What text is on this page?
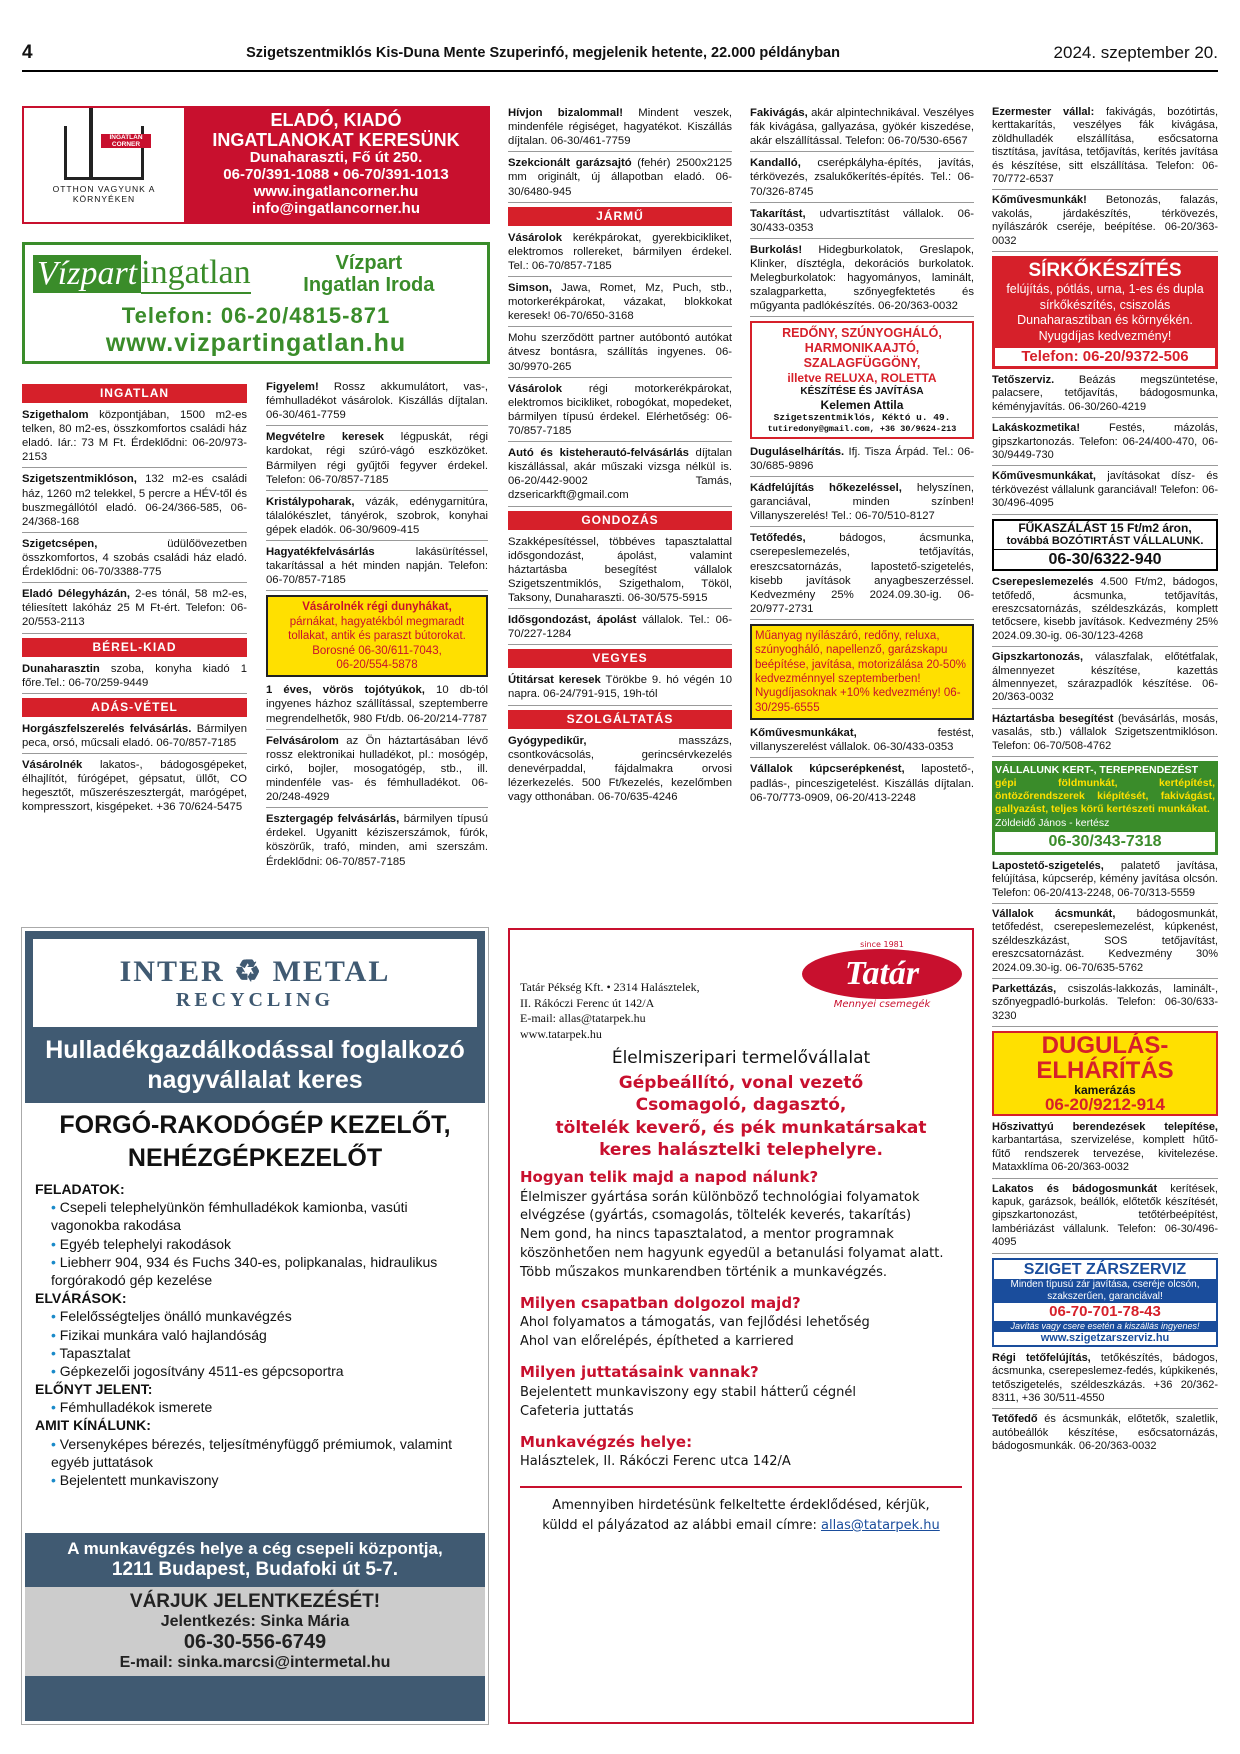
4	Szigetszentmiklós Kis-Duna Mente Szuperinfó, megjelenik hetente, 22.000 példányban	2024. szeptember 20.
INGATLAN CORNER
OTTHON VAGYUNK A KÖRNYÉKEN
ELADÓ, KIADÓ
INGATLANOKAT KERESÜNK
Dunaharaszti, Fő út 250.
06-70/391-1088 • 06-70/391-1013
www.ingatlancorner.hu
info@ingatlancorner.hu
Vízpart ingatlan	Vízpart
Ingatlan Iroda
Telefon: 06-20/4815-871
www.vizpartingatlan.hu
INGATLAN

Szigethalom központjában, 1500 m2-es telken, 80 m2-es, összkomfortos családi ház eladó. Iár.: 73 M Ft. Érdeklődni: 06-20/973-2153

Szigetszentmiklóson, 132 m2-es családi ház, 1260 m2 telekkel, 5 percre a HÉV-től és buszmegállótól eladó. 06-24/366-585, 06-24/368-168

Szigetcsépen, üdülőövezetben összkomfortos, 4 szobás családi ház eladó. Érdeklődni: 06-70/3388-775

Eladó Délegyházán, 2-es tónál, 58 m2-es, téliesített lakóház 25 M Ft-ért. Telefon: 06-20/553-2113

BÉREL-KIAD

Dunaharasztin szoba, konyha kiadó 1 főre.Tel.: 06-70/259-9449

ADÁS-VÉTEL

Horgászfelszerelés felvásárlás. Bármilyen peca, orsó, műcsali eladó. 06-70/857-7185

Vásárolnék lakatos-, bádogosgépeket, élhajlítót, fúrógépet, gépsatut, üllőt, CO hegesztőt, műszerészesztergát, marógépet, kompresszort, kisgépeket. +36 70/624-5475

Figyelem! Rossz akkumulátort, vas-, fémhulladékot vásárolok. Kiszállás díjtalan. 06-30/461-7759

Megvételre keresek légpuskát, régi kardokat, régi szúró-vágó eszközöket. Bármilyen régi gyűjtői fegyver érdekel. Telefon: 06-70/857-7185

Kristálypoharak, vázák, edénygarnitúra, tálalókészlet, tányérok, szobrok, konyhai gépek eladók. 06-30/9609-415

Hagyatékfelvásárlás lakásürítéssel, takarítással a hét minden napján. Telefon: 06-70/857-7185

Vásárolnék régi dunyhákat,
párnákat, hagyatékból megmaradt tollakat, antik és paraszt bútorokat.
Borosné 06-30/611-7043,
06-20/554-5878

1 éves, vörös tojótyúkok, 10 db-tól ingyenes házhoz szállítással, szeptemberre megrendelhetők, 980 Ft/db. 06-20/214-7787

Felvásárolom az Ön háztartásában lévő rossz elektronikai hulladékot, pl.: mosógép, cirkó, bojler, mosogatógép, stb., ill. mindenféle vas- és fémhulladékot. 06-20/248-4929

Esztergagép felvásárlás, bármilyen típusú érdekel. Ugyanitt kéziszerszámok, fúrók, köszörűk, trafó, minden, ami szerszám. Érdeklődni: 06-70/857-7185

Hívjon bizalommal! Mindent veszek, mindenféle régiséget, hagyatékot. Kiszállás díjtalan. 06-30/461-7759

Szekcionált garázsajtó (fehér) 2500x2125 mm originált, új állapotban eladó. 06-30/6480-945

JÁRMŰ

Vásárolok kerékpárokat, gyerekbicikliket, elektromos rollereket, bármilyen érdekel. Tel.: 06-70/857-7185

Simson, Jawa, Romet, Mz, Puch, stb., motorkerékpárokat, vázakat, blokkokat keresek! 06-70/650-3168

Mohu szerződött partner autóbontó autókat átvesz bontásra, szállítás ingyenes. 06-30/9970-265

Vásárolok régi motorkerékpárokat, elektromos bicikliket, robogókat, mopedeket, bármilyen típusú érdekel. Elérhetőség: 06-70/857-7185

Autó és kisteherautó-felvásárlás díjtalan kiszállással, akár műszaki vizsga nélkül is. 06-20/442-9002 Tamás, dzsericarkft@gmail.com

GONDOZÁS

Szakképesítéssel, többéves tapasztalattal idősgondozást, ápolást, valamint háztartásba besegítést vállalok Szigetszentmiklós, Szigethalom, Tököl, Taksony, Dunaharaszti. 06-30/575-5915

Idősgondozást, ápolást vállalok. Tel.: 06-70/227-1284

VEGYES

Útitársat keresek Törökbe 9. hó végén 10 napra. 06-24/791-915, 19h-tól

SZOLGÁLTATÁS

Gyógypedikűr, masszázs, csontkovácsolás, gerincsérvkezelés denevérpaddal, fájdalmakra orvosi lézerkezelés. 500 Ft/kezelés, kezelőmben vagy otthonában. 06-70/635-4246

Fakivágás, akár alpintechnikával. Veszélyes fák kivágása, gallyazása, gyökér kiszedése, akár elszállítással. Telefon: 06-70/530-6567

Kandalló, cserépkályha-építés, javítás, térkövezés, zsalukőkerítés-építés. Tel.: 06-70/326-8745

Takarítást, udvartisztítást vállalok. 06-30/433-0353

Burkolás! Hidegburkolatok, Greslapok, Klinker, dísztégla, dekorációs burkolatok. Melegburkolatok: hagyományos, laminált, szalagparketta, szőnyegfektetés és műgyanta padlókészítés. 06-20/363-0032

REDŐNY, SZÚNYOGHÁLÓ,
HARMONIKAAJTÓ,
SZALAGFÜGGÖNY,
illetve RELUXA, ROLETTA
KÉSZÍTÉSE ÉS JAVÍTÁSA
Kelemen Attila
Szigetszentmiklós, Kéktó u. 49.
tutiredony@gmail.com, +36 30/9624-213

Duguláselhárítás. Ifj. Tisza Árpád. Tel.: 06-30/685-9896

Kádfelújítás hőkezeléssel, helyszínen, garanciával, minden színben! Villanyszerelés! Tel.: 06-70/510-8127

Tetőfedés, bádogos, ácsmunka, cserepeslemezelés, tetőjavítás, ereszcsatornázás, lapostető-szigetelés, kisebb javítások anyagbeszerzéssel. Kedvezmény 25% 2024.09.30-ig. 06-20/977-2731

Műanyag nyílászáró, redőny, reluxa, szúnyogháló, napellenző, garázskapu beépítése, javítása, motorizálása 20-50% kedvezménnyel szeptemberben! Nyugdíjasoknak +10% kedvezmény! 06-30/295-6555

Kőművesmunkákat, festést, villanyszerelést vállalok. 06-30/433-0353

Vállalok kúpcserépkenést, lapostető-, padlás-, pinceszigetelést. Kiszállás díjtalan. 06-70/773-0909, 06-20/413-2248

Ezermester vállal: fakivágás, bozótirtás, kerttakarítás, veszélyes fák kivágása, zöldhulladék elszállítása, esőcsatorna tisztítása, javítása, tetőjavítás, kerítés javítása és készítése, sitt elszállítása. Telefon: 06-70/772-6537

Kőművesmunkák! Betonozás, falazás, vakolás, járdakészítés, térkövezés, nyílászárók cseréje, beépítése. 06-20/363-0032

SÍRKŐKÉSZÍTÉS
felújítás, pótlás, urna, 1-es és dupla sírkőkészítés, csiszolás Dunaharasztiban és környékén. Nyugdíjas kedvezmény!
Telefon: 06-20/9372-506

Tetőszerviz. Beázás megszüntetése, palacsere, tetőjavítás, bádogosmunka, kéményjavítás. 06-30/260-4219

Lakáskozmetika! Festés, mázolás, gipszkartonozás. Telefon: 06-24/400-470, 06-30/9449-730

Kőművesmunkákat, javításokat dísz- és térkövezést vállalunk garanciával! Telefon: 06-30/496-4095

FŰKASZÁLÁST 15 Ft/m2 áron,
továbbá BOZÓTIRTÁST VÁLLALUNK.
06-30/6322-940

Cserepeslemezelés 4.500 Ft/m2, bádogos, tetőfedő, ácsmunka, tetőjavítás, ereszcsatornázás, széldeszkázás, komplett tetőcsere, kisebb javítások. Kedvezmény 25% 2024.09.30-ig. 06-30/123-4268

Gipszkartonozás, válaszfalak, előtétfalak, álmennyezet készítése, kazettás álmennyezet, szárazpadlók készítése. 06-20/363-0032

Háztartásba besegítést (bevásárlás, mosás, vasalás, stb.) vállalok Szigetszentmiklóson. Telefon: 06-70/508-4762

VÁLLALUNK KERT-, TEREPRENDEZÉST
gépi földmunkát, kertépítést, öntözőrendszerek kiépítését, fakivágást, gallyazást, teljes körű kertészeti munkákat.
Zöldeidő János - kertész
06-30/343-7318

Lapostető-szigetelés, palatető javítása, felújítása, kúpcserép, kémény javítása olcsón. Telefon: 06-20/413-2248, 06-70/313-5559

Vállalok ácsmunkát, bádogosmunkát, tetőfedést, cserepeslemezelést, kúpkenést, széldeszkázást, SOS tetőjavítást, ereszcsatornázást. Kedvezmény 30% 2024.09.30-ig. 06-70/635-5762

Parkettázás, csiszolás-lakkozás, laminált-, szőnyegpadló-burkolás. Telefon: 06-30/633-3230

DUGULÁS-
ELHÁRÍTÁS
kamerázás
06-20/9212-914

Hőszivattyú berendezések telepítése, karbantartása, szervizelése, komplett hűtő-fűtő rendszerek tervezése, kivitelezése. Mataxklíma 06-20/363-0032

Lakatos és bádogosmunkát kerítések, kapuk, garázsok, beállók, előtetők készítését, gipszkartonozást, tetőtérbeépítést, lambériázást vállalunk. Telefon: 06-30/496-4095

SZIGET ZÁRSZERVIZ
Minden típusú zár javítása, cseréje olcsón, szakszerűen, garanciával!
06-70-701-78-43
Javítás vagy csere esetén a kiszállás ingyenes!
www.szigetzarszerviz.hu

Régi tetőfelújítás, tetőkészítés, bádogos, ácsmunka, cserepeslemez-fedés, kúpkikenés, tetőszigetelés, széldeszkázás. +36 20/362-8311, +36 30/511-4550

Tetőfedő és ácsmunkák, előtetők, szaletlik, autóbeállók készítése, esőcsatornázás, bádogosmunkák. 06-20/363-0032

INTER ♻ METAL
RECYCLING
Hulladékgazdálkodással foglalkozó nagyvállalat keres
FORGÓ-RAKODÓGÉP KEZELŐT, NEHÉZGÉPKEZELŐT
FELADATOK:
• Csepeli telephelyünkön fémhulladékok kamionba, vasúti vagonokba rakodása
• Egyéb telephelyi rakodások
• Liebherr 904, 934 és Fuchs 340-es, polipkanalas, hidraulikus forgórakodó gép kezelése
ELVÁRÁSOK:
• Felelősségteljes önálló munkavégzés
• Fizikai munkára való hajlandóság
• Tapasztalat
• Gépkezelői jogosítvány 4511-es gépcsoportra
ELŐNYT JELENT:
• Fémhulladékok ismerete
AMIT KÍNÁLUNK:
• Versenyképes bérezés, teljesítményfüggő prémiumok, valamint egyéb juttatások
• Bejelentett munkaviszony
A munkavégzés helye a cég csepeli központja,
1211 Budapest, Budafoki út 5-7.
VÁRJUK JELENTKEZÉSÉT!
Jelentkezés: Sinka Mária
06-30-556-6749
E-mail: sinka.marcsi@intermetal.hu
Tatár Pékség Kft. • 2314 Halásztelek,
II. Rákóczi Ferenc út 142/A
E-mail: allas@tatarpek.hu
www.tatarpek.hu
since 1981
Tatár
Mennyei csemegék
Élelmiszeripari termelővállalat
Gépbeállító, vonal vezető
Csomagoló, dagasztó,
töltelék keverő, és pék munkatársakat
keres halásztelki telephelyre.
Hogyan telik majd a napod nálunk?
Élelmiszer gyártása során különböző technológiai folyamatok elvégzése (gyártás, csomagolás, töltelék keverés, takarítás)
Nem gond, ha nincs tapasztalatod, a mentor programnak köszönhetően nem hagyunk egyedül a betanulási folyamat alatt.
Több műszakos munkarendben történik a munkavégzés.
Milyen csapatban dolgozol majd?
Ahol folyamatos a támogatás, van fejlődési lehetőség
Ahol van előrelépés, építheted a karriered
Milyen juttatásaink vannak?
Bejelentett munkaviszony egy stabil hátterű cégnél
Cafeteria juttatás
Munkavégzés helye:
Halásztelek, II. Rákóczi Ferenc utca 142/A
Amennyiben hirdetésünk felkeltette érdeklődésed, kérjük,
küldd el pályázatod az alábbi email címre: allas@tatarpek.hu
